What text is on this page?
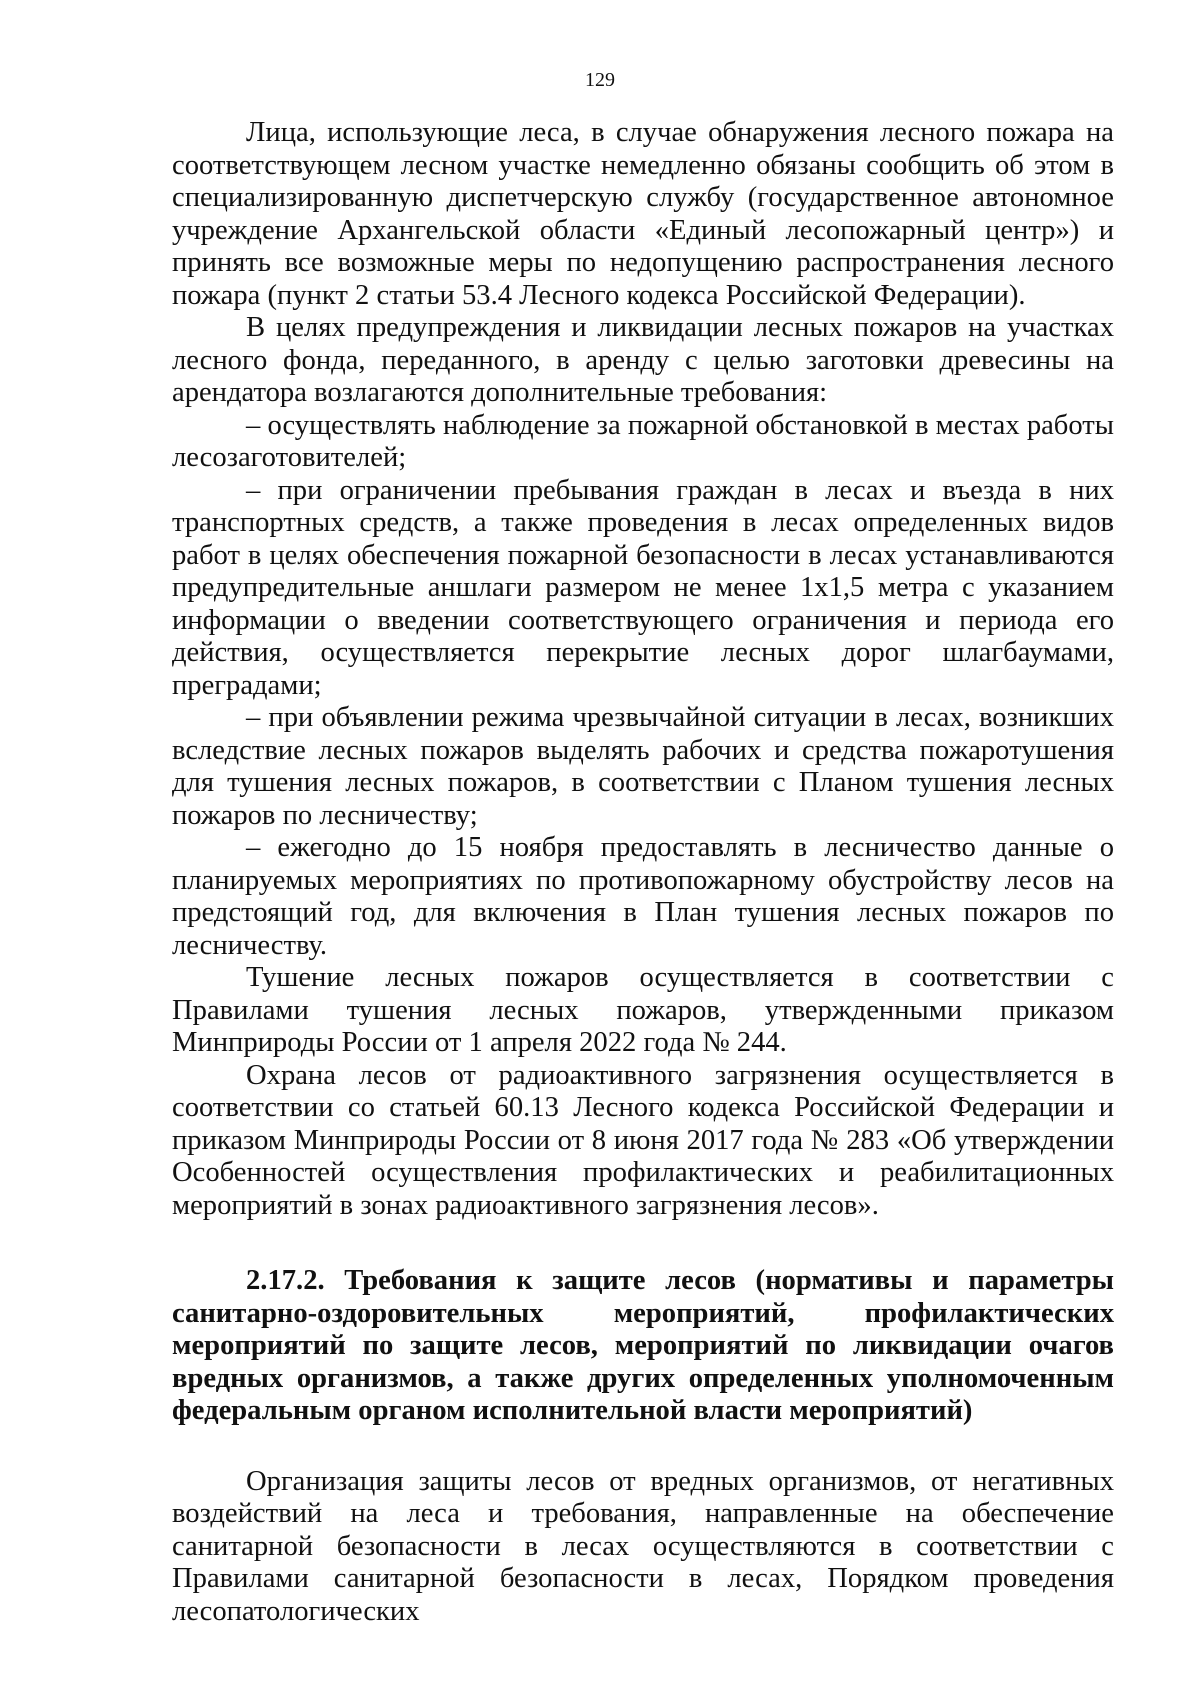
129

Лица, использующие леса, в случае обнаружения лесного пожара на соответствующем лесном участке немедленно обязаны сообщить об этом в специализированную диспетчерскую службу (государственное автономное учреждение Архангельской области «Единый лесопожарный центр») и принять все возможные меры по недопущению распространения лесного пожара (пункт 2 статьи 53.4 Лесного кодекса Российской Федерации).

В целях предупреждения и ликвидации лесных пожаров на участках лесного фонда, переданного, в аренду с целью заготовки древесины на арендатора возлагаются дополнительные требования:

– осуществлять наблюдение за пожарной обстановкой в местах работы лесозаготовителей;

– при ограничении пребывания граждан в лесах и въезда в них транспортных средств, а также проведения в лесах определенных видов работ в целях обеспечения пожарной безопасности в лесах устанавливаются предупредительные аншлаги размером не менее 1х1,5 метра с указанием информации о введении соответствующего ограничения и периода его действия, осуществляется перекрытие лесных дорог шлагбаумами, преградами;

– при объявлении режима чрезвычайной ситуации в лесах, возникших вследствие лесных пожаров выделять рабочих и средства пожаротушения для тушения лесных пожаров, в соответствии с Планом тушения лесных пожаров по лесничеству;

– ежегодно до 15 ноября предоставлять в лесничество данные о планируемых мероприятиях по противопожарному обустройству лесов на предстоящий год, для включения в План тушения лесных пожаров по лесничеству.

Тушение лесных пожаров осуществляется в соответствии с Правилами тушения лесных пожаров, утвержденными приказом Минприроды России от 1 апреля 2022 года № 244.

Охрана лесов от радиоактивного загрязнения осуществляется в соответствии со статьей 60.13 Лесного кодекса Российской Федерации и приказом Минприроды России от 8 июня 2017 года № 283 «Об утверждении Особенностей осуществления профилактических и реабилитационных мероприятий в зонах радиоактивного загрязнения лесов».

2.17.2. Требования к защите лесов (нормативы и параметры санитарно-оздоровительных мероприятий, профилактических мероприятий по защите лесов, мероприятий по ликвидации очагов вредных организмов, а также других определенных уполномоченным федеральным органом исполнительной власти мероприятий)

Организация защиты лесов от вредных организмов, от негативных воздействий на леса и требования, направленные на обеспечение санитарной безопасности в лесах осуществляются в соответствии с Правилами санитарной безопасности в лесах, Порядком проведения лесопатологических
